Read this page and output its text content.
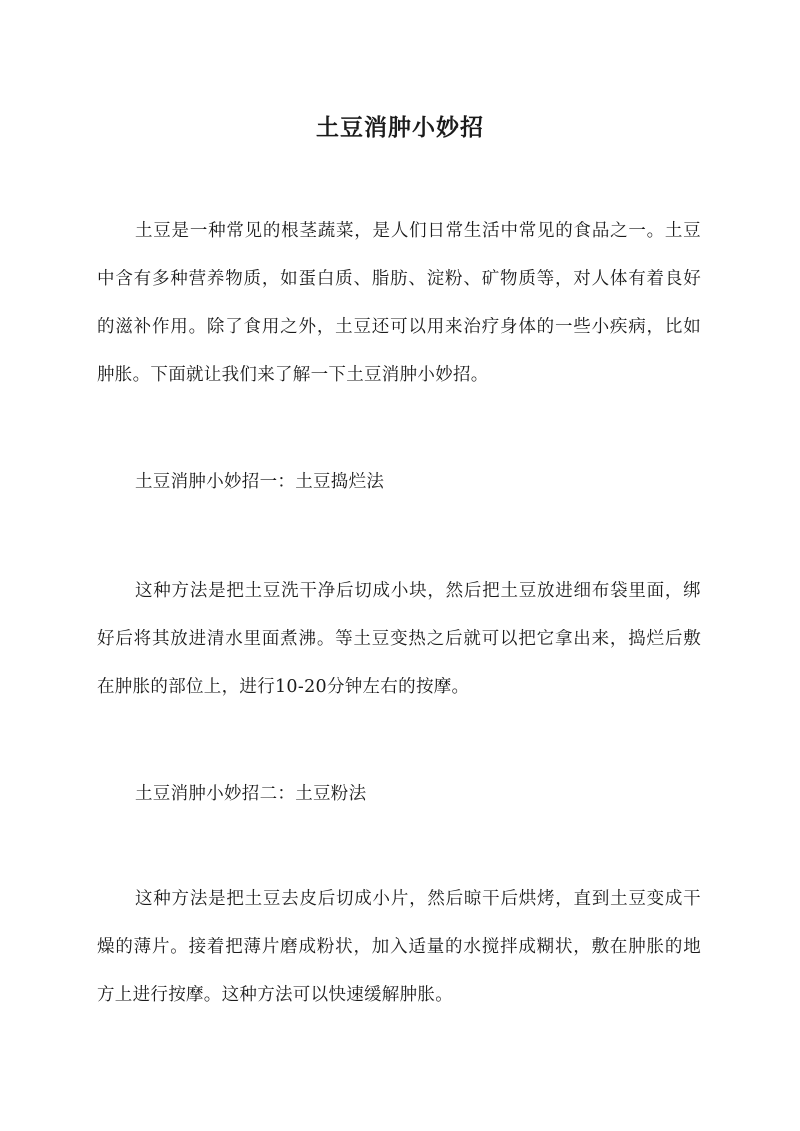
土豆消肿小妙招

土豆是一种常见的根茎蔬菜，是人们日常生活中常见的食品之一。土豆中含有多种营养物质，如蛋白质、脂肪、淀粉、矿物质等，对人体有着良好的滋补作用。除了食用之外，土豆还可以用来治疗身体的一些小疾病，比如肿胀。下面就让我们来了解一下土豆消肿小妙招。

土豆消肿小妙招一：土豆捣烂法

这种方法是把土豆洗干净后切成小块，然后把土豆放进细布袋里面，绑好后将其放进清水里面煮沸。等土豆变热之后就可以把它拿出来，捣烂后敷在肿胀的部位上，进行10-20分钟左右的按摩。

土豆消肿小妙招二：土豆粉法

这种方法是把土豆去皮后切成小片，然后晾干后烘烤，直到土豆变成干燥的薄片。接着把薄片磨成粉状，加入适量的水搅拌成糊状，敷在肿胀的地方上进行按摩。这种方法可以快速缓解肿胀。
